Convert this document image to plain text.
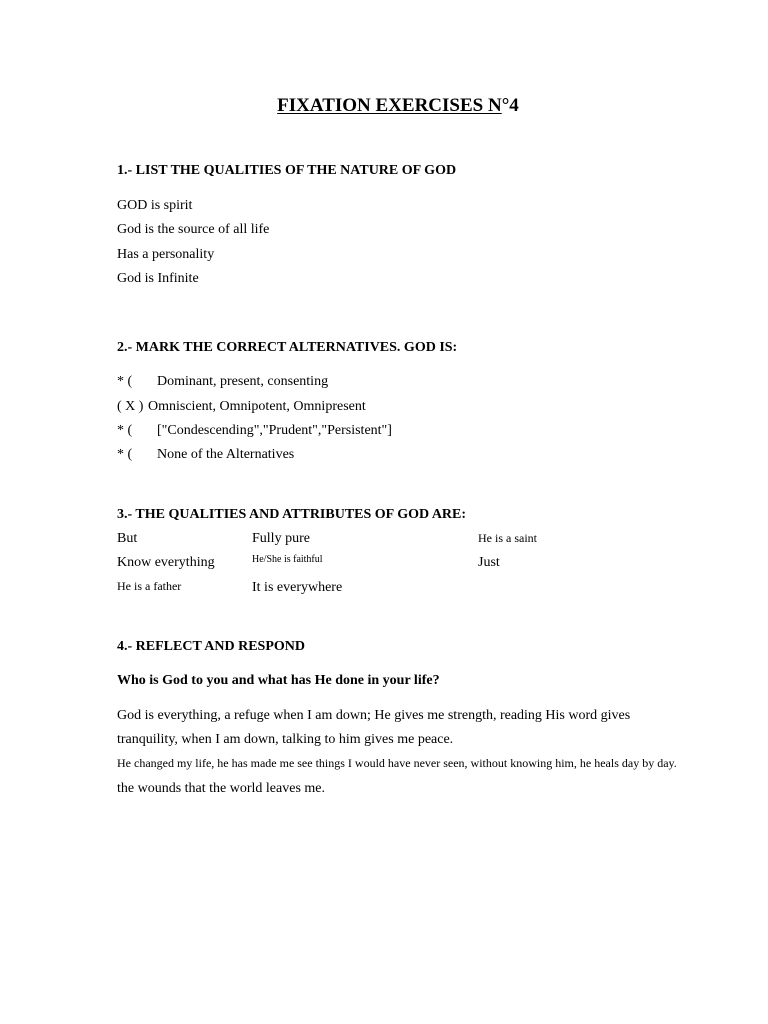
FIXATION EXERCISES N°4
1.- LIST THE QUALITIES OF THE NATURE OF GOD
GOD is spirit
God is the source of all life
Has a personality
God is Infinite
2.- MARK THE CORRECT ALTERNATIVES. GOD IS:
* ( Dominant, present, consenting
( X ) Omniscient, Omnipotent, Omnipresent
* ( ["Condescending","Prudent","Persistent"]
* ( None of the Alternatives
3.- THE QUALITIES AND ATTRIBUTES OF GOD ARE:
But	Fully pure	He is a saint
Know everything	He/She is faithful	Just
He is a father	It is everywhere
4.- REFLECT AND RESPOND
Who is God to you and what has He done in your life?
God is everything, a refuge when I am down; He gives me strength, reading His word gives
tranquility, when I am down, talking to him gives me peace.
He changed my life, he has made me see things I would have never seen, without knowing him, he heals day by day.
the wounds that the world leaves me.
